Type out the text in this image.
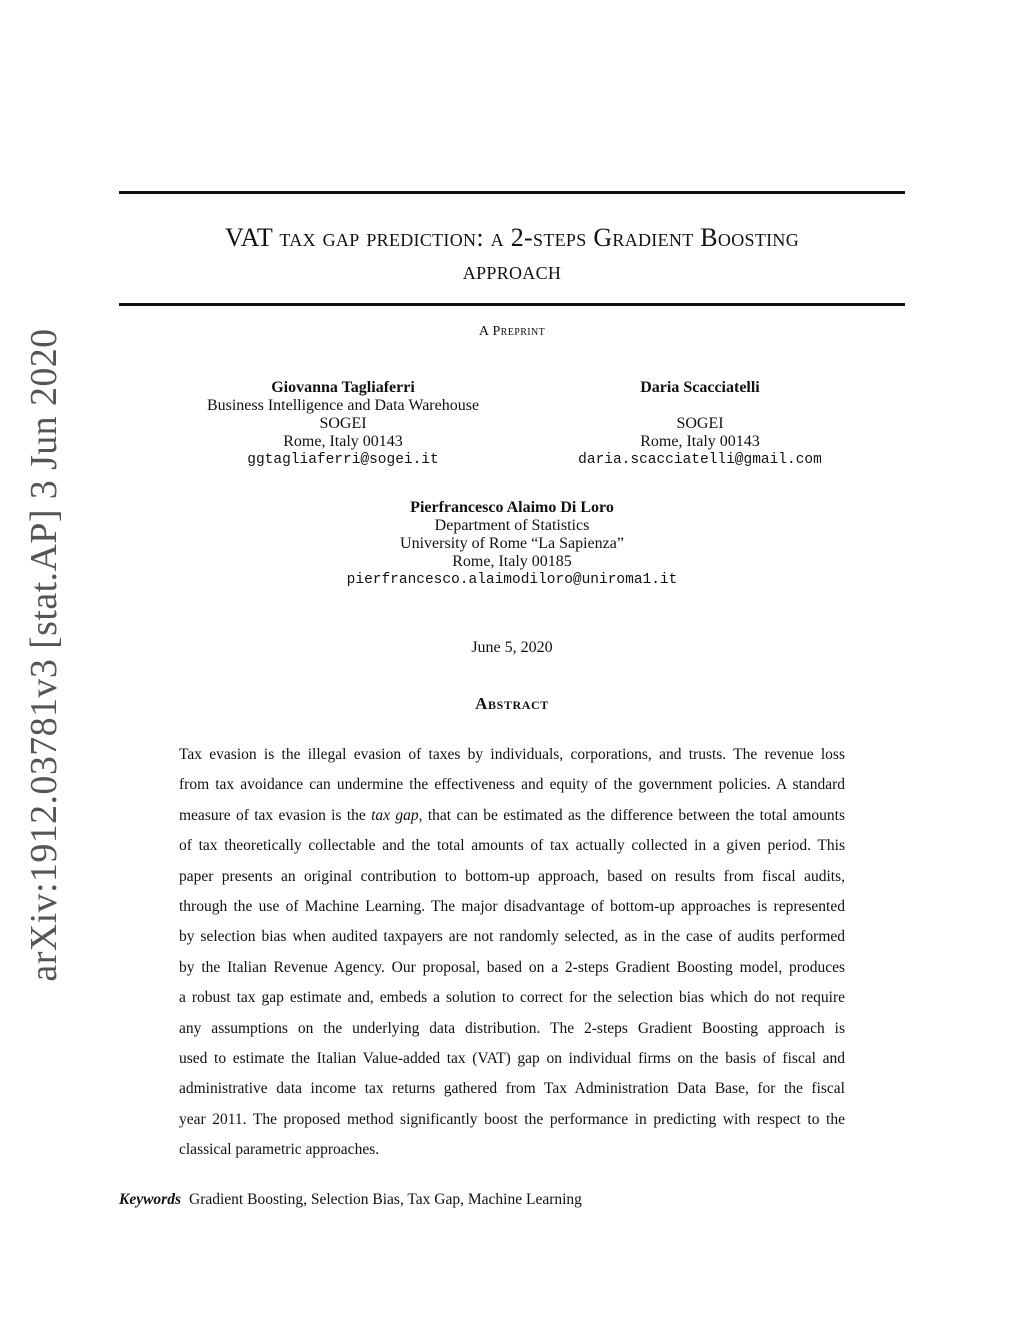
arXiv:1912.03781v3 [stat.AP] 3 Jun 2020
VAT tax gap prediction: a 2-steps Gradient Boosting
approach
A Preprint
Giovanna Tagliaferri
Business Intelligence and Data Warehouse
SOGEI
Rome, Italy 00143
ggtagliaferri@sogei.it
Daria Scacciatelli
SOGEI
Rome, Italy 00143
daria.scacciatelli@gmail.com
Pierfrancesco Alaimo Di Loro
Department of Statistics
University of Rome “La Sapienza”
Rome, Italy 00185
pierfrancesco.alaimodiloro@uniroma1.it
June 5, 2020
Abstract
Tax evasion is the illegal evasion of taxes by individuals, corporations, and trusts. The revenue loss
from tax avoidance can undermine the effectiveness and equity of the government policies. A standard
measure of tax evasion is the tax gap, that can be estimated as the difference between the total amounts
of tax theoretically collectable and the total amounts of tax actually collected in a given period. This
paper presents an original contribution to bottom-up approach, based on results from fiscal audits,
through the use of Machine Learning. The major disadvantage of bottom-up approaches is represented
by selection bias when audited taxpayers are not randomly selected, as in the case of audits performed
by the Italian Revenue Agency. Our proposal, based on a 2-steps Gradient Boosting model, produces
a robust tax gap estimate and, embeds a solution to correct for the selection bias which do not require
any assumptions on the underlying data distribution. The 2-steps Gradient Boosting approach is
used to estimate the Italian Value-added tax (VAT) gap on individual firms on the basis of fiscal and
administrative data income tax returns gathered from Tax Administration Data Base, for the fiscal
year 2011. The proposed method significantly boost the performance in predicting with respect to the
classical parametric approaches.
Keywords Gradient Boosting, Selection Bias, Tax Gap, Machine Learning
